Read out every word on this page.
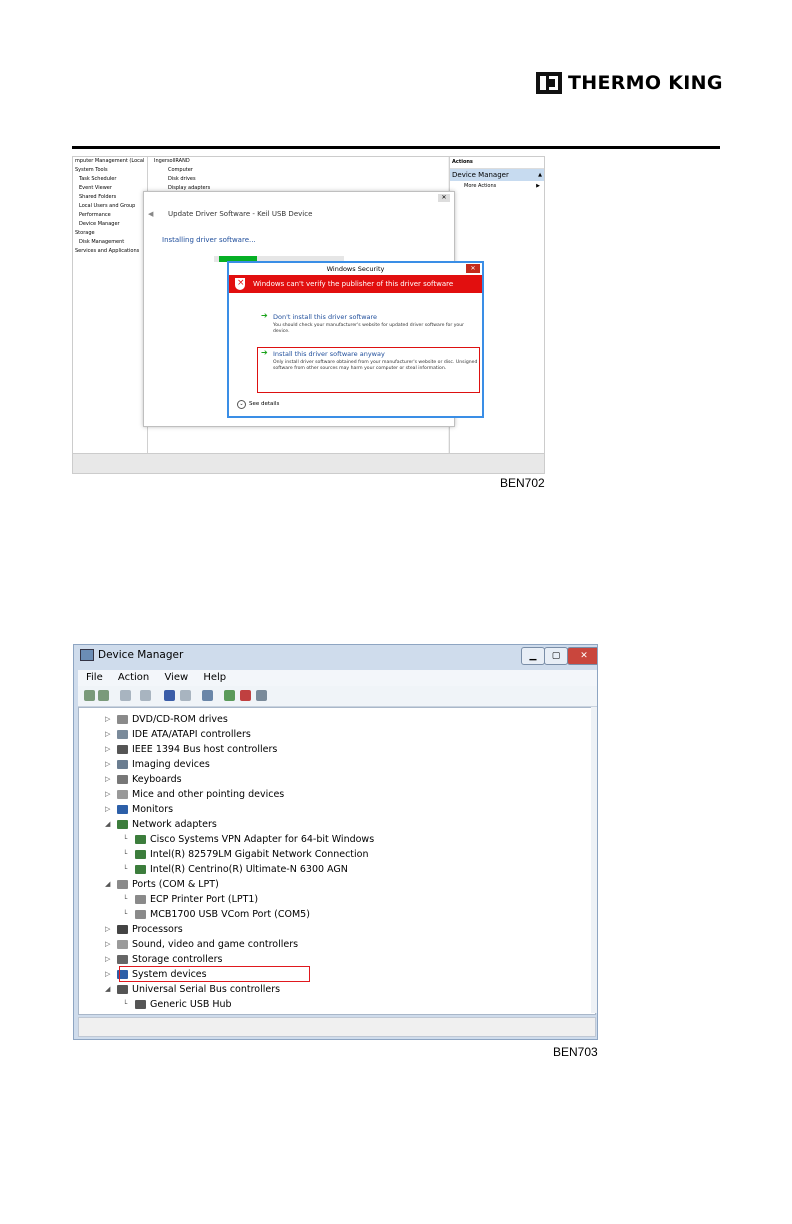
THERMO KING
mputer Management (Local
System Tools
Task Scheduler
Event Viewer
Shared Folders
Local Users and Group
Performance
Device Manager
Storage
Disk Management
Services and Applications
IngersollRAND
Computer
Disk drives
Display adapters
Actions
Device Manager	▲
More Actions	▶
◀ Update Driver Software - Keil USB Device
✕
Installing driver software...
Windows Security	✕
×
Windows can't verify the publisher of this driver software
➔ Don't install this driver software
You should check your manufacturer's website for updated driver software for your device.
➔ Install this driver software anyway
Only install driver software obtained from your manufacturer's website or disc. Unsigned software from other sources may harm your computer or steal information.
⌄ See details
BEN702
Device Manager	▁	▢	✕
File Action View Help
▷ DVD/CD-ROM drives
▷ IDE ATA/ATAPI controllers
▷ IEEE 1394 Bus host controllers
▷ Imaging devices
▷ Keyboards
▷ Mice and other pointing devices
▷ Monitors
◢ Network adapters
└	Cisco Systems VPN Adapter for 64-bit Windows
└	Intel(R) 82579LM Gigabit Network Connection
└	Intel(R) Centrino(R) Ultimate-N 6300 AGN
◢ Ports (COM & LPT)
└	ECP Printer Port (LPT1)
└	MCB1700 USB VCom Port (COM5)
▷ Processors
▷ Sound, video and game controllers
▷ Storage controllers
▷ System devices
◢ Universal Serial Bus controllers
└	Generic USB Hub
BEN703
